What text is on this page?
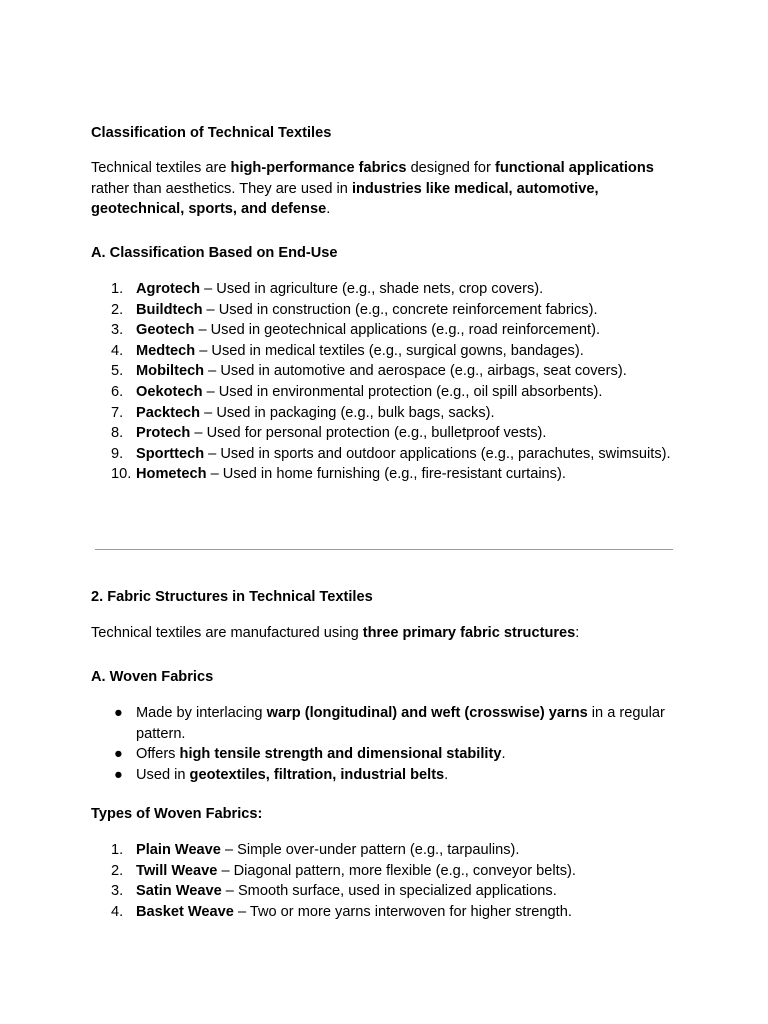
Classification of Technical Textiles

Technical textiles are high-performance fabrics designed for functional applications rather than aesthetics. They are used in industries like medical, automotive, geotechnical, sports, and defense.

A. Classification Based on End-Use
1. Agrotech – Used in agriculture (e.g., shade nets, crop covers).
2. Buildtech – Used in construction (e.g., concrete reinforcement fabrics).
3. Geotech – Used in geotechnical applications (e.g., road reinforcement).
4. Medtech – Used in medical textiles (e.g., surgical gowns, bandages).
5. Mobiltech – Used in automotive and aerospace (e.g., airbags, seat covers).
6. Oekotech – Used in environmental protection (e.g., oil spill absorbents).
7. Packtech – Used in packaging (e.g., bulk bags, sacks).
8. Protech – Used for personal protection (e.g., bulletproof vests).
9. Sporttech – Used in sports and outdoor applications (e.g., parachutes, swimsuits).
10. Hometech – Used in home furnishing (e.g., fire-resistant curtains).
2. Fabric Structures in Technical Textiles

Technical textiles are manufactured using three primary fabric structures:

A. Woven Fabrics
● Made by interlacing warp (longitudinal) and weft (crosswise) yarns in a regular pattern.
● Offers high tensile strength and dimensional stability.
● Used in geotextiles, filtration, industrial belts.
Types of Woven Fabrics:
1. Plain Weave – Simple over-under pattern (e.g., tarpaulins).
2. Twill Weave – Diagonal pattern, more flexible (e.g., conveyor belts).
3. Satin Weave – Smooth surface, used in specialized applications.
4. Basket Weave – Two or more yarns interwoven for higher strength.
